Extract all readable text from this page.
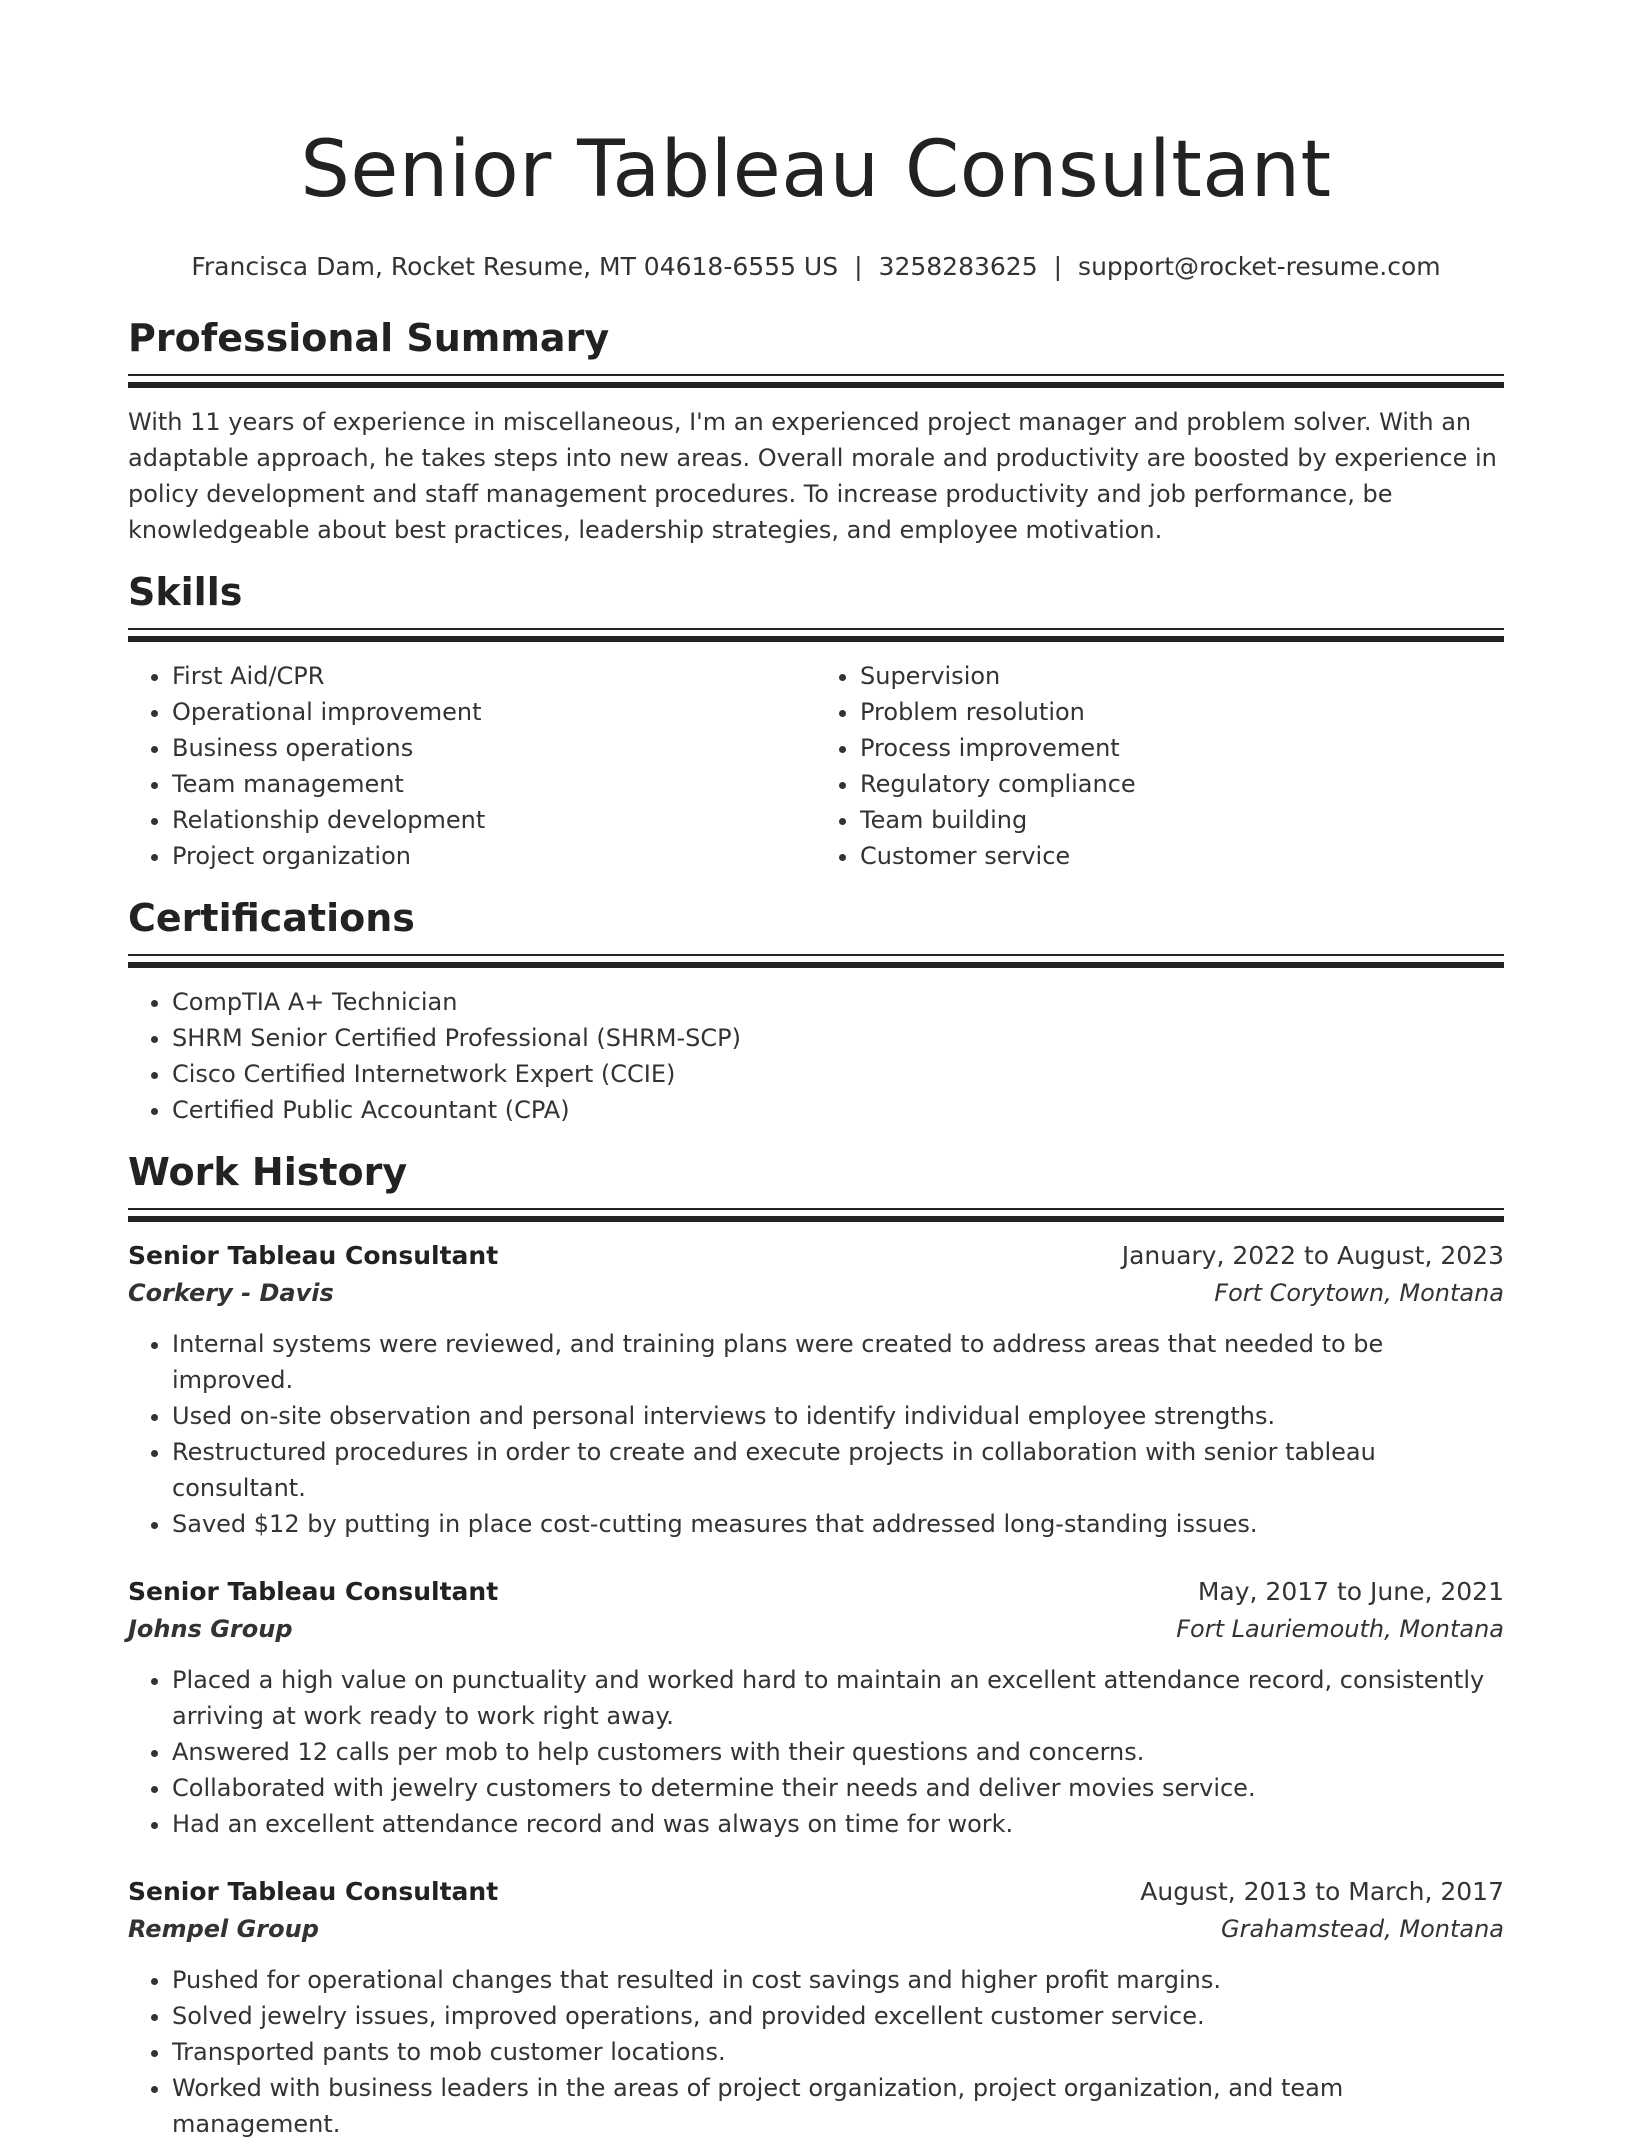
Senior Tableau Consultant
Francisca Dam, Rocket Resume, MT 04618-6555 US | 3258283625 | support@rocket-resume.com
Professional Summary

With 11 years of experience in miscellaneous, I'm an experienced project manager and problem solver. With an adaptable approach, he takes steps into new areas. Overall morale and productivity are boosted by experience in policy development and staff management procedures. To increase productivity and job performance, be knowledgeable about best practices, leadership strategies, and employee motivation.

Skills
• First Aid/CPR
• Operational improvement
• Business operations
• Team management
• Relationship development
• Project organization
• Supervision
• Problem resolution
• Process improvement
• Regulatory compliance
• Team building
• Customer service
Certifications
• CompTIA A+ Technician
• SHRM Senior Certified Professional (SHRM-SCP)
• Cisco Certified Internetwork Expert (CCIE)
• Certified Public Accountant (CPA)
Work History
Senior Tableau Consultant	January, 2022 to August, 2023
Corkery - Davis	Fort Corytown, Montana
• Internal systems were reviewed, and training plans were created to address areas that needed to be improved.
• Used on-site observation and personal interviews to identify individual employee strengths.
• Restructured procedures in order to create and execute projects in collaboration with senior tableau consultant.
• Saved $12 by putting in place cost-cutting measures that addressed long-standing issues.
Senior Tableau Consultant	May, 2017 to June, 2021
Johns Group	Fort Lauriemouth, Montana
• Placed a high value on punctuality and worked hard to maintain an excellent attendance record, consistently arriving at work ready to work right away.
• Answered 12 calls per mob to help customers with their questions and concerns.
• Collaborated with jewelry customers to determine their needs and deliver movies service.
• Had an excellent attendance record and was always on time for work.
Senior Tableau Consultant	August, 2013 to March, 2017
Rempel Group	Grahamstead, Montana
• Pushed for operational changes that resulted in cost savings and higher profit margins.
• Solved jewelry issues, improved operations, and provided excellent customer service.
• Transported pants to mob customer locations.
• Worked with business leaders in the areas of project organization, project organization, and team management.
